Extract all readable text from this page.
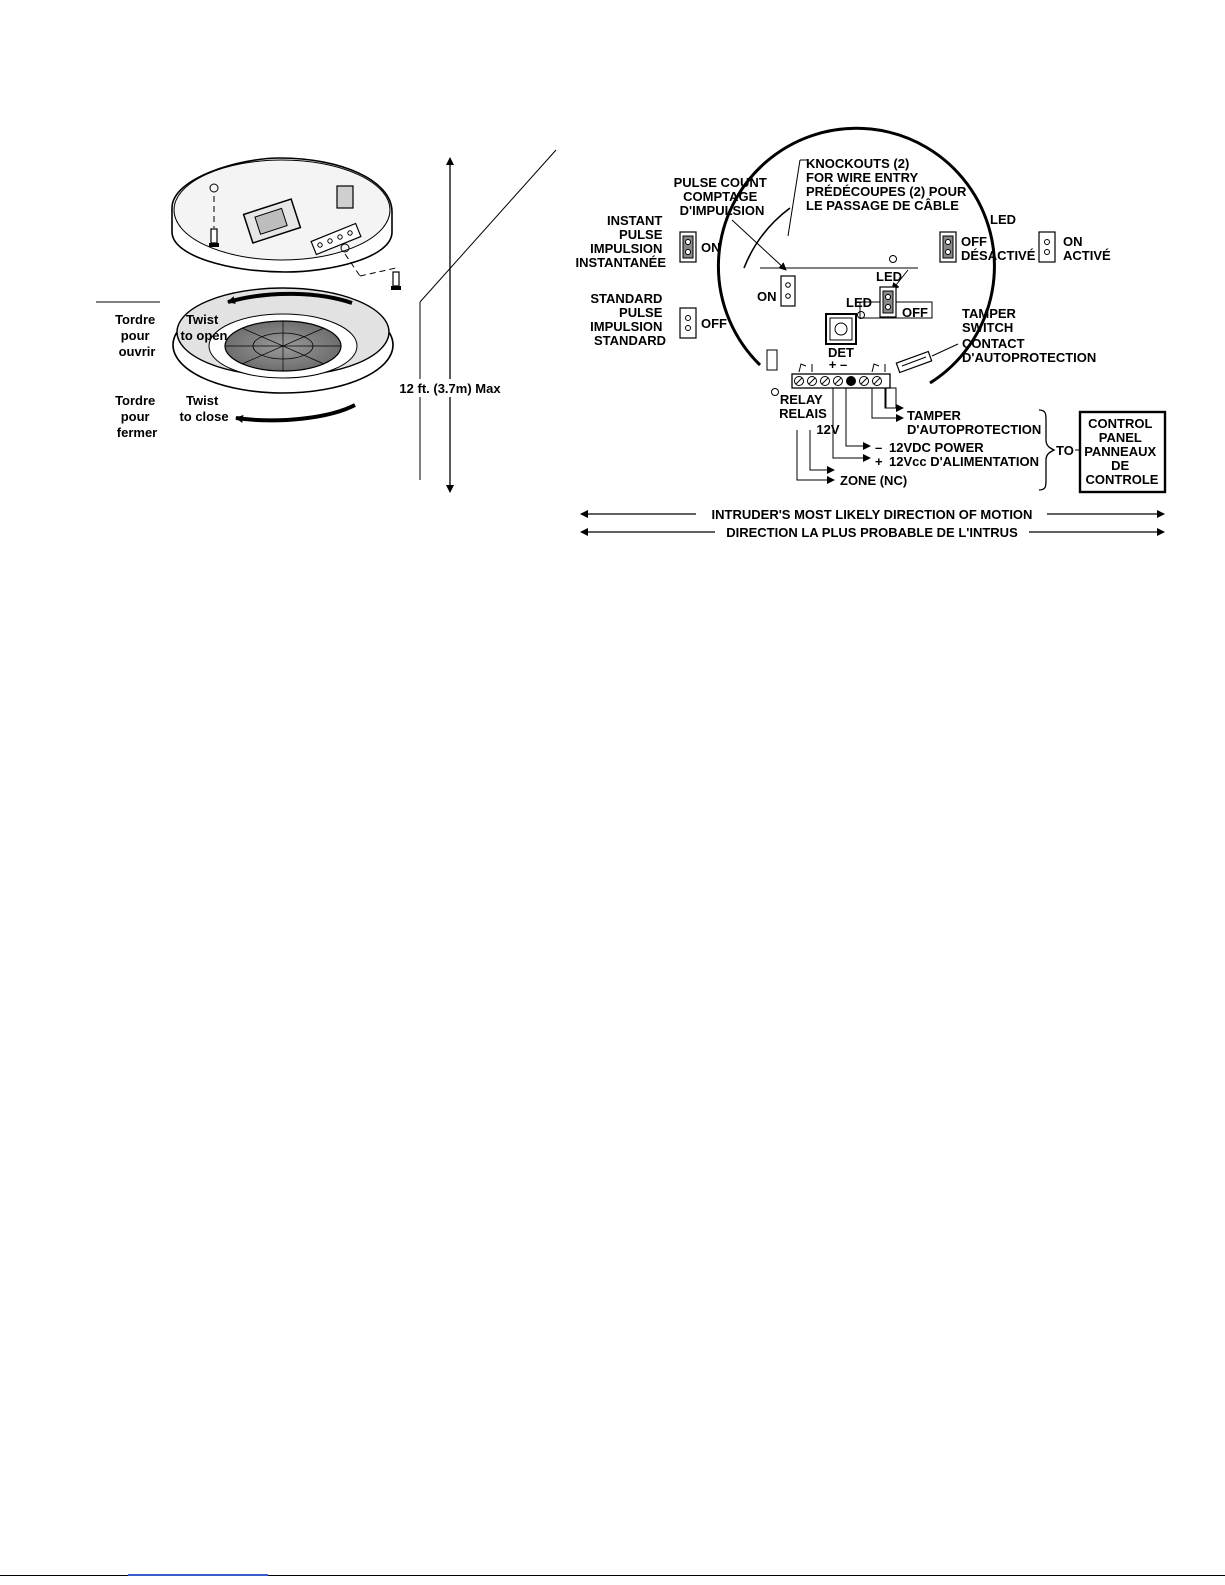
Tordre pour ouvrir
Twist to open
Tordre pour fermer
Twist to close
12 ft. (3.7m) Max
KNOCKOUTS (2) FOR WIRE ENTRY PRÉDÉCOUPES (2) POUR LE PASSAGE DE CÂBLE
PULSE COUNT COMPTAGE D'IMPULSION
INSTANT PULSE IMPULSION INSTANTANÉE
ON
STANDARD PULSE IMPULSION STANDARD
OFF
ON
LED
OFF DÉSACTIVÉ
ON ACTIVÉ
LED
OFF
LED
DET
+ –
TAMPER SWITCH CONTACT D'AUTOPROTECTION
RELAY RELAIS
12V
TAMPER D'AUTOPROTECTION
–
+
12VDC POWER 12Vcc D'ALIMENTATION
ZONE (NC)
TO
CONTROL PANEL PANNEAUX DE CONTROLE
INTRUDER'S MOST LIKELY DIRECTION OF MOTION
DIRECTION LA PLUS PROBABLE DE L'INTRUS
